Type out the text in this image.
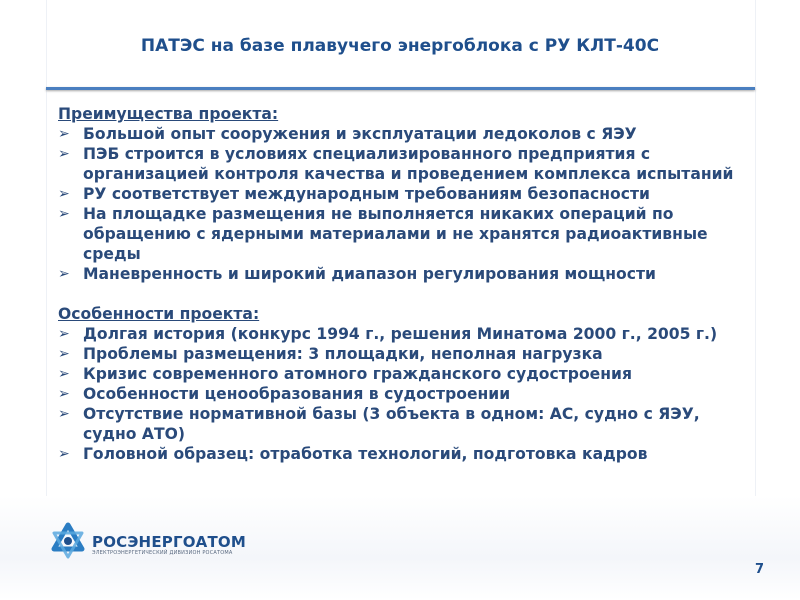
ПАТЭС на базе плавучего энергоблока с РУ КЛТ-40С
Преимущества проекта:
➢ Большой опыт сооружения и эксплуатации ледоколов с ЯЭУ
➢ ПЭБ строится в условиях специализированного предприятия с организацией контроля качества и проведением комплекса испытаний
➢ РУ соответствует международным требованиям безопасности
➢ На площадке размещения не выполняется никаких операций по обращению с ядерными материалами и не хранятся радиоактивные среды
➢ Маневренность и широкий диапазон регулирования мощности
Особенности проекта:
➢ Долгая история (конкурс 1994 г., решения Минатома 2000 г., 2005 г.)
➢ Проблемы размещения: 3 площадки, неполная нагрузка
➢ Кризис современного атомного гражданского судостроения
➢ Особенности ценообразования в судостроении
➢ Отсутствие нормативной базы (3 объекта в одном: АС, судно с ЯЭУ, судно АТО)
➢ Головной образец: отработка технологий, подготовка кадров
РОСЭНЕРГОАТОМ
ЭЛЕКТРОЭНЕРГЕТИЧЕСКИЙ ДИВИЗИОН РОСАТОМА
7
